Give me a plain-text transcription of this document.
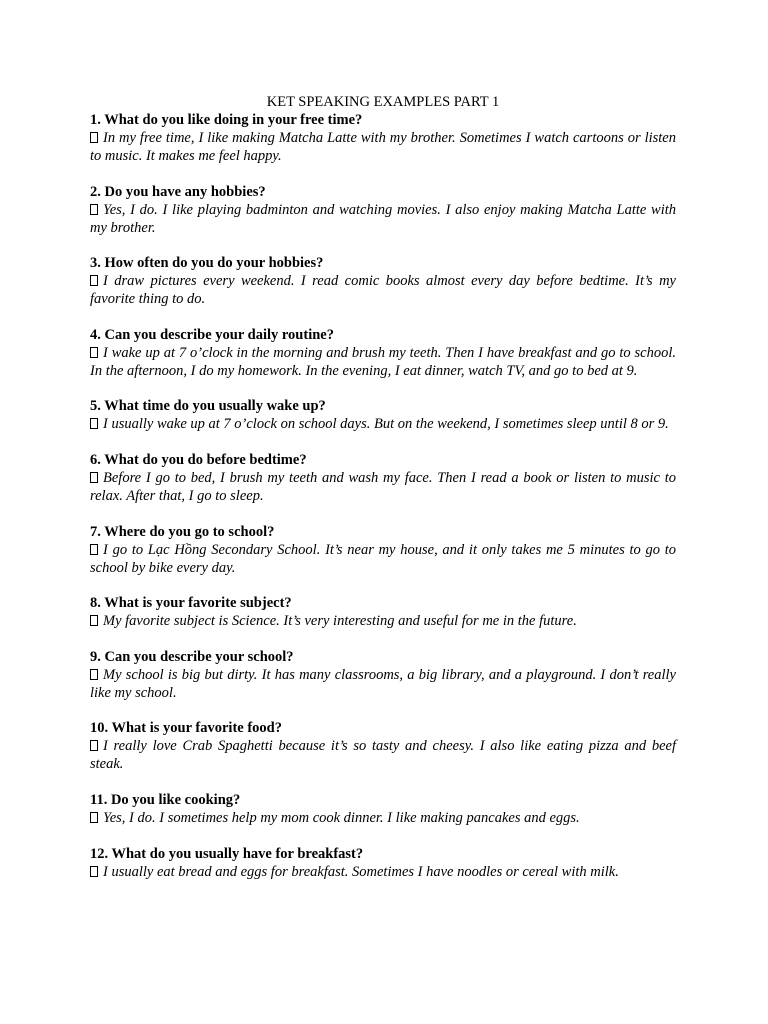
KET SPEAKING EXAMPLES PART 1

1. What do you like doing in your free time?

In my free time, I like making Matcha Latte with my brother. Sometimes I watch cartoons or listen to music. It makes me feel happy.

2. Do you have any hobbies?

Yes, I do. I like playing badminton and watching movies. I also enjoy making Matcha Latte with my brother.

3. How often do you do your hobbies?

I draw pictures every weekend. I read comic books almost every day before bedtime. It’s my favorite thing to do.

4. Can you describe your daily routine?

I wake up at 7 o’clock in the morning and brush my teeth. Then I have breakfast and go to school. In the afternoon, I do my homework. In the evening, I eat dinner, watch TV, and go to bed at 9.

5. What time do you usually wake up?

I usually wake up at 7 o’clock on school days. But on the weekend, I sometimes sleep until 8 or 9.

6. What do you do before bedtime?

Before I go to bed, I brush my teeth and wash my face. Then I read a book or listen to music to relax. After that, I go to sleep.

7. Where do you go to school?

I go to Lạc Hồng Secondary School. It’s near my house, and it only takes me 5 minutes to go to school by bike every day.

8. What is your favorite subject?

My favorite subject is Science. It’s very interesting and useful for me in the future.

9. Can you describe your school?

My school is big but dirty. It has many classrooms, a big library, and a playground. I don’t really like my school.

10. What is your favorite food?

I really love Crab Spaghetti because it’s so tasty and cheesy. I also like eating pizza and beef steak.

11. Do you like cooking?

Yes, I do. I sometimes help my mom cook dinner. I like making pancakes and eggs.

12. What do you usually have for breakfast?

I usually eat bread and eggs for breakfast. Sometimes I have noodles or cereal with milk.
